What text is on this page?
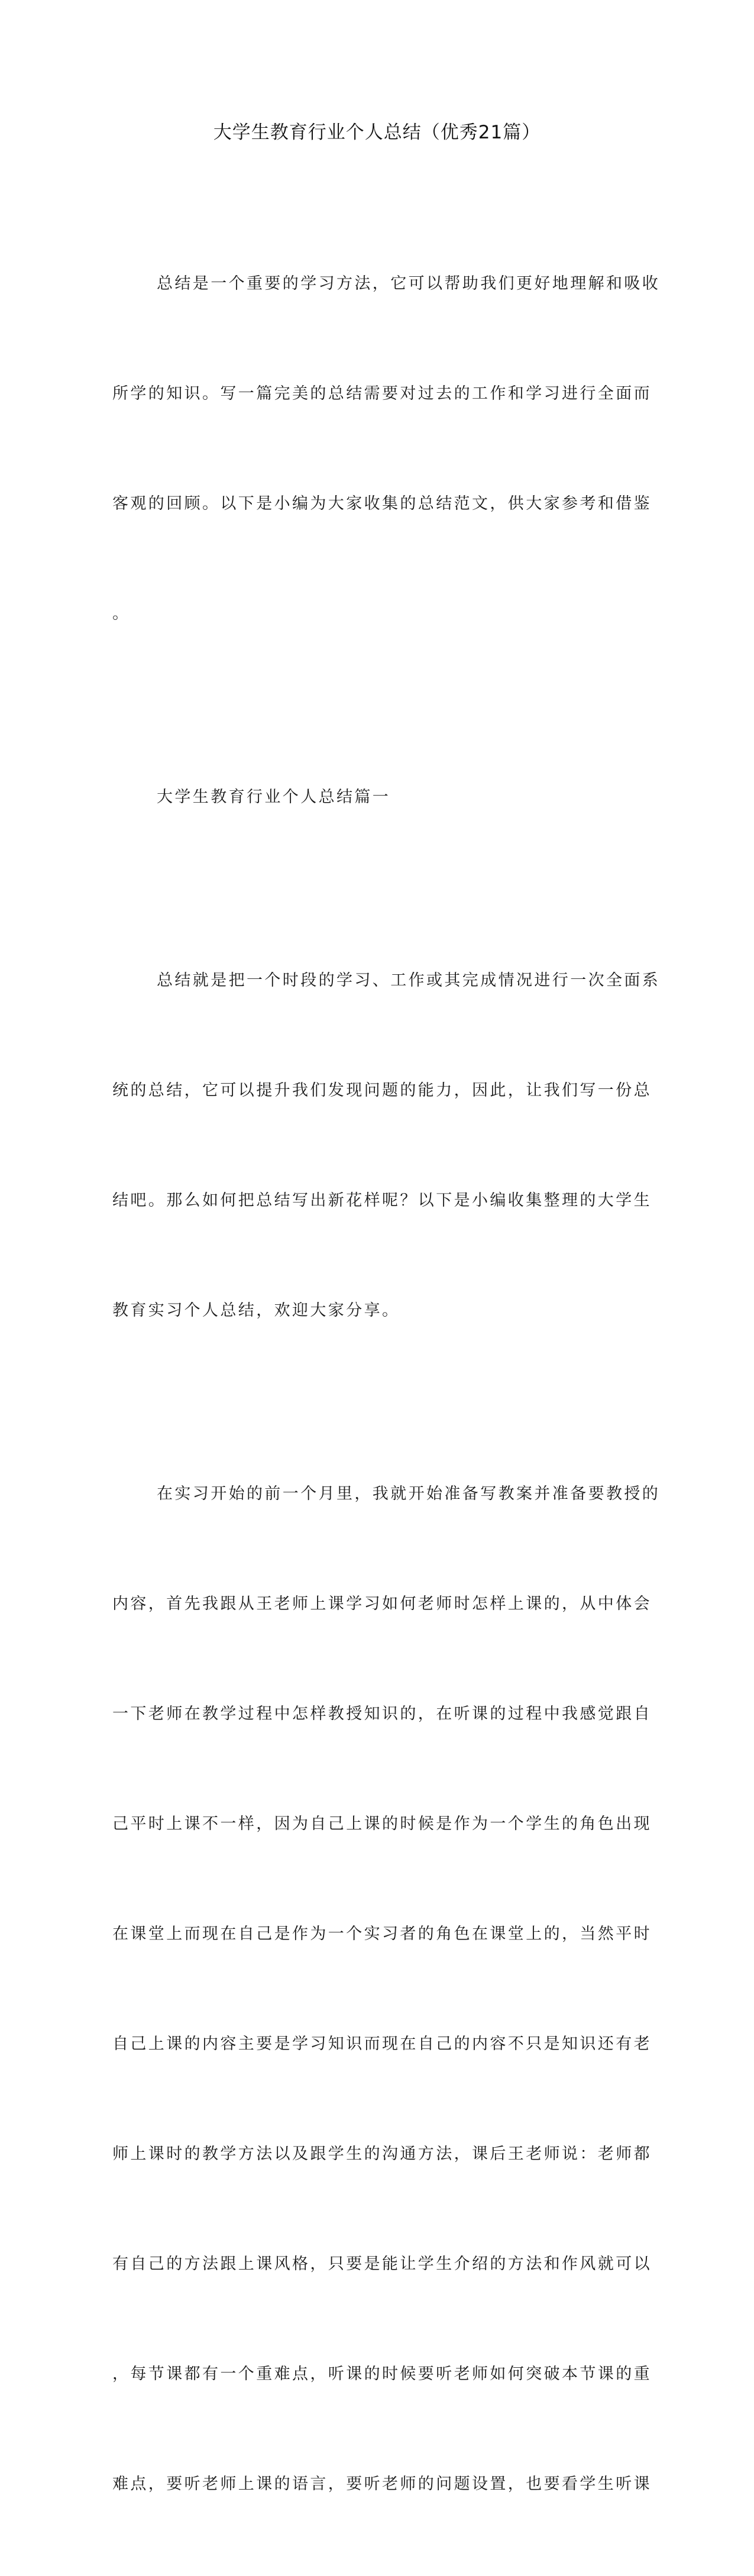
大学生教育行业个人总结（优秀21篇）

总结是一个重要的学习方法，它可以帮助我们更好地理解和吸收

所学的知识。写一篇完美的总结需要对过去的工作和学习进行全面而

客观的回顾。以下是小编为大家收集的总结范文，供大家参考和借鉴

。

大学生教育行业个人总结篇一

总结就是把一个时段的学习、工作或其完成情况进行一次全面系

统的总结，它可以提升我们发现问题的能力，因此，让我们写一份总

结吧。那么如何把总结写出新花样呢？以下是小编收集整理的大学生

教育实习个人总结，欢迎大家分享。

在实习开始的前一个月里，我就开始准备写教案并准备要教授的

内容，首先我跟从王老师上课学习如何老师时怎样上课的，从中体会

一下老师在教学过程中怎样教授知识的，在听课的过程中我感觉跟自

己平时上课不一样，因为自己上课的时候是作为一个学生的角色出现

在课堂上而现在自己是作为一个实习者的角色在课堂上的，当然平时

自己上课的内容主要是学习知识而现在自己的内容不只是知识还有老

师上课时的教学方法以及跟学生的沟通方法，课后王老师说：老师都

有自己的方法跟上课风格，只要是能让学生介绍的方法和作风就可以

，每节课都有一个重难点，听课的时候要听老师如何突破本节课的重

难点，要听老师上课的语言，要听老师的问题设置，也要看学生听课
